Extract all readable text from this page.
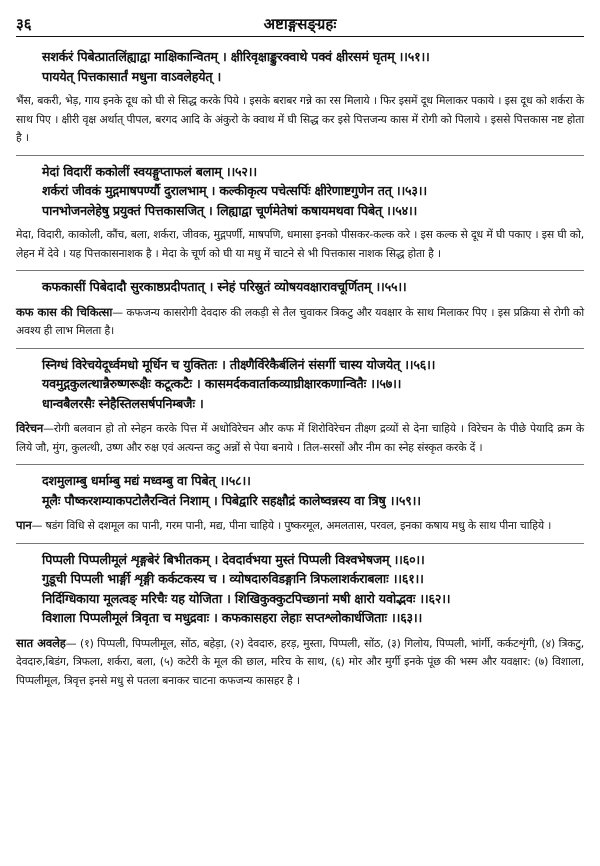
३६	अष्टाङ्गसङ्ग्रहः
सशर्करं पिबेत्प्रातलिंह्याद्वा माक्षिकान्वितम् । क्षीरिवृक्षाङ्कुरक्वाथे पक्वं क्षीरसमं घृतम् ।।५१।।
पाययेत् पित्तकासार्तं मधुना वाऽवलेहयेत् ।
भैंस, बकरी, भेड़, गाय इनके दूध को घी से सिद्ध करके पिये । इसके बराबर गन्ने का रस मिलाये । फिर इसमें दूध मिलाकर पकाये । इस दूध को शर्करा के साथ पिए । क्षीरी वृक्ष अर्थात् पीपल, बरगद आदि के अंकुरो के क्वाथ में घी सिद्ध कर इसे पित्तजन्य कास में रोगी को पिलाये । इससे पित्तकास नष्ट होता है ।
मेदां विदारीं ककोलीं स्वयङ्गुप्ताफलं बलाम् ।।५२।।
शर्करां जीवकं मुद्गमाषपर्ण्यौ दुरालभाम् । कल्कीकृत्य पचेत्सर्पिः क्षीरेणाष्टगुणेन तत् ।।५३।।
पानभोजनलेहेषु प्रयुक्तं पित्तकासजित् । लिह्याद्वा चूर्णमेतेषां कषायमथवा पिबेत् ।।५४।।
मेदा, विदारी, काकोली, कौंच, बला, शर्करा, जीवक, मुद्गपर्णी, माषपणि, धमासा इनको पीसकर-कल्क करे । इस कल्क से दूध में घी पकाए । इस घी को, लेहन में देवे । यह पित्तकासनाशक है । मेदा के चूर्ण को घी या मधु में चाटने से भी पित्तकास नाशक सिद्ध होता है ।
कफकासीं पिबेदादौ सुरकाष्ठप्रदीपतात् । स्नेहं परिस्रुतं व्योषयवक्षारावचूर्णितम् ।।५५।।
कफ कास की चिकित्सा— कफजन्य कासरोगी देवदारु की लकड़ी से तैल चुवाकर त्रिकटु और यवक्षार के साथ मिलाकर पिए । इस प्रक्रिया से रोगी को अवश्य ही लाभ मिलता है।
स्निग्धं विरेचयेदूर्ध्वमधो मूर्धिन च युक्तितः । तीक्ष्णैर्विरेकैर्बलिनं संसर्गी चास्य योजयेत् ।।५६।।
यवमुद्गकुलत्थान्नैरुष्णरूक्षैः कटूत्कटैः । कासमर्दकवार्ताकव्याघ्रीक्षारकणान्वितैः ।।५७।।
धान्वबैलरसैः स्नेहैस्तिलसर्षपनिम्बजैः ।
विरेचन—रोगी बलवान हो तो स्नेहन करके पित्त में अधोविरेचन और कफ में शिरोविरेचन तीक्ष्ण द्रव्यों से देना चाहिये । विरेचन के पीछे पेयादि क्रम के लिये जौ, मुंग, कुलत्थी, उष्ण और रुक्ष एवं अत्यन्त कटु अन्नों से पेया बनाये । तिल-सरसों और नीम का स्नेह संस्कृत करके दें ।
दशमुलाम्बु धर्माम्बु मद्यं मध्वम्बु वा पिबेत् ।।५८।।
मूलैः पौष्करशम्याकपटोलैरन्वितं निशाम् । पिबेद्वारि सहक्षौद्रं कालेष्वन्नस्य वा त्रिषु ।।५९।।
पान— षडंग विधि से दशमूल का पानी, गरम पानी, मद्य, पीना चाहिये । पुष्करमूल, अमलतास, परवल, इनका कषाय मधु के साथ पीना चाहिये ।
पिप्पली पिप्पलीमूलं शृङ्गबेरं बिभीतकम् । देवदार्वभया मुस्तं पिप्पली विश्वभेषजम् ।।६०।।
गुडूची पिप्पली भार्ङ्गी शृङ्गी कर्कटकस्य च । व्योषदारुविडङ्गानि त्रिफलाशर्कराबलाः ।।६१।।
निर्दिग्धिकाया मूलत्वङ् मरिचैः यह योजिता । शिखिकुक्कुटपिच्छानां मषी क्षारो यवोद्भवः ।।६२।।
विशाला पिप्पलीमूलं त्रिवृता च मधुद्रवाः । कफकासहरा लेहाः सप्तश्लोकार्धजिताः ।।६३।।
सात अवलेह— (१) पिप्पली, पिप्पलीमूल, सोंठ, बहेड़ा, (२) देवदारु, हरड़, मुस्ता, पिप्पली, सोंठ, (३) गिलोय, पिप्पली, भांर्गी, कर्कटशृंगी, (४) त्रिकटु, देवदारु,बिडंग, त्रिफला, शर्करा, बला, (५) कटेरी के मूल की छाल, मरिच के साथ, (६) मोर और मुर्गी इनके पूंछ की भस्म और यवक्षार: (७) विशाला, पिप्पलीमूल, त्रिवृत्त इनसे मधु से पतला बनाकर चाटना कफजन्य कासहर है ।
